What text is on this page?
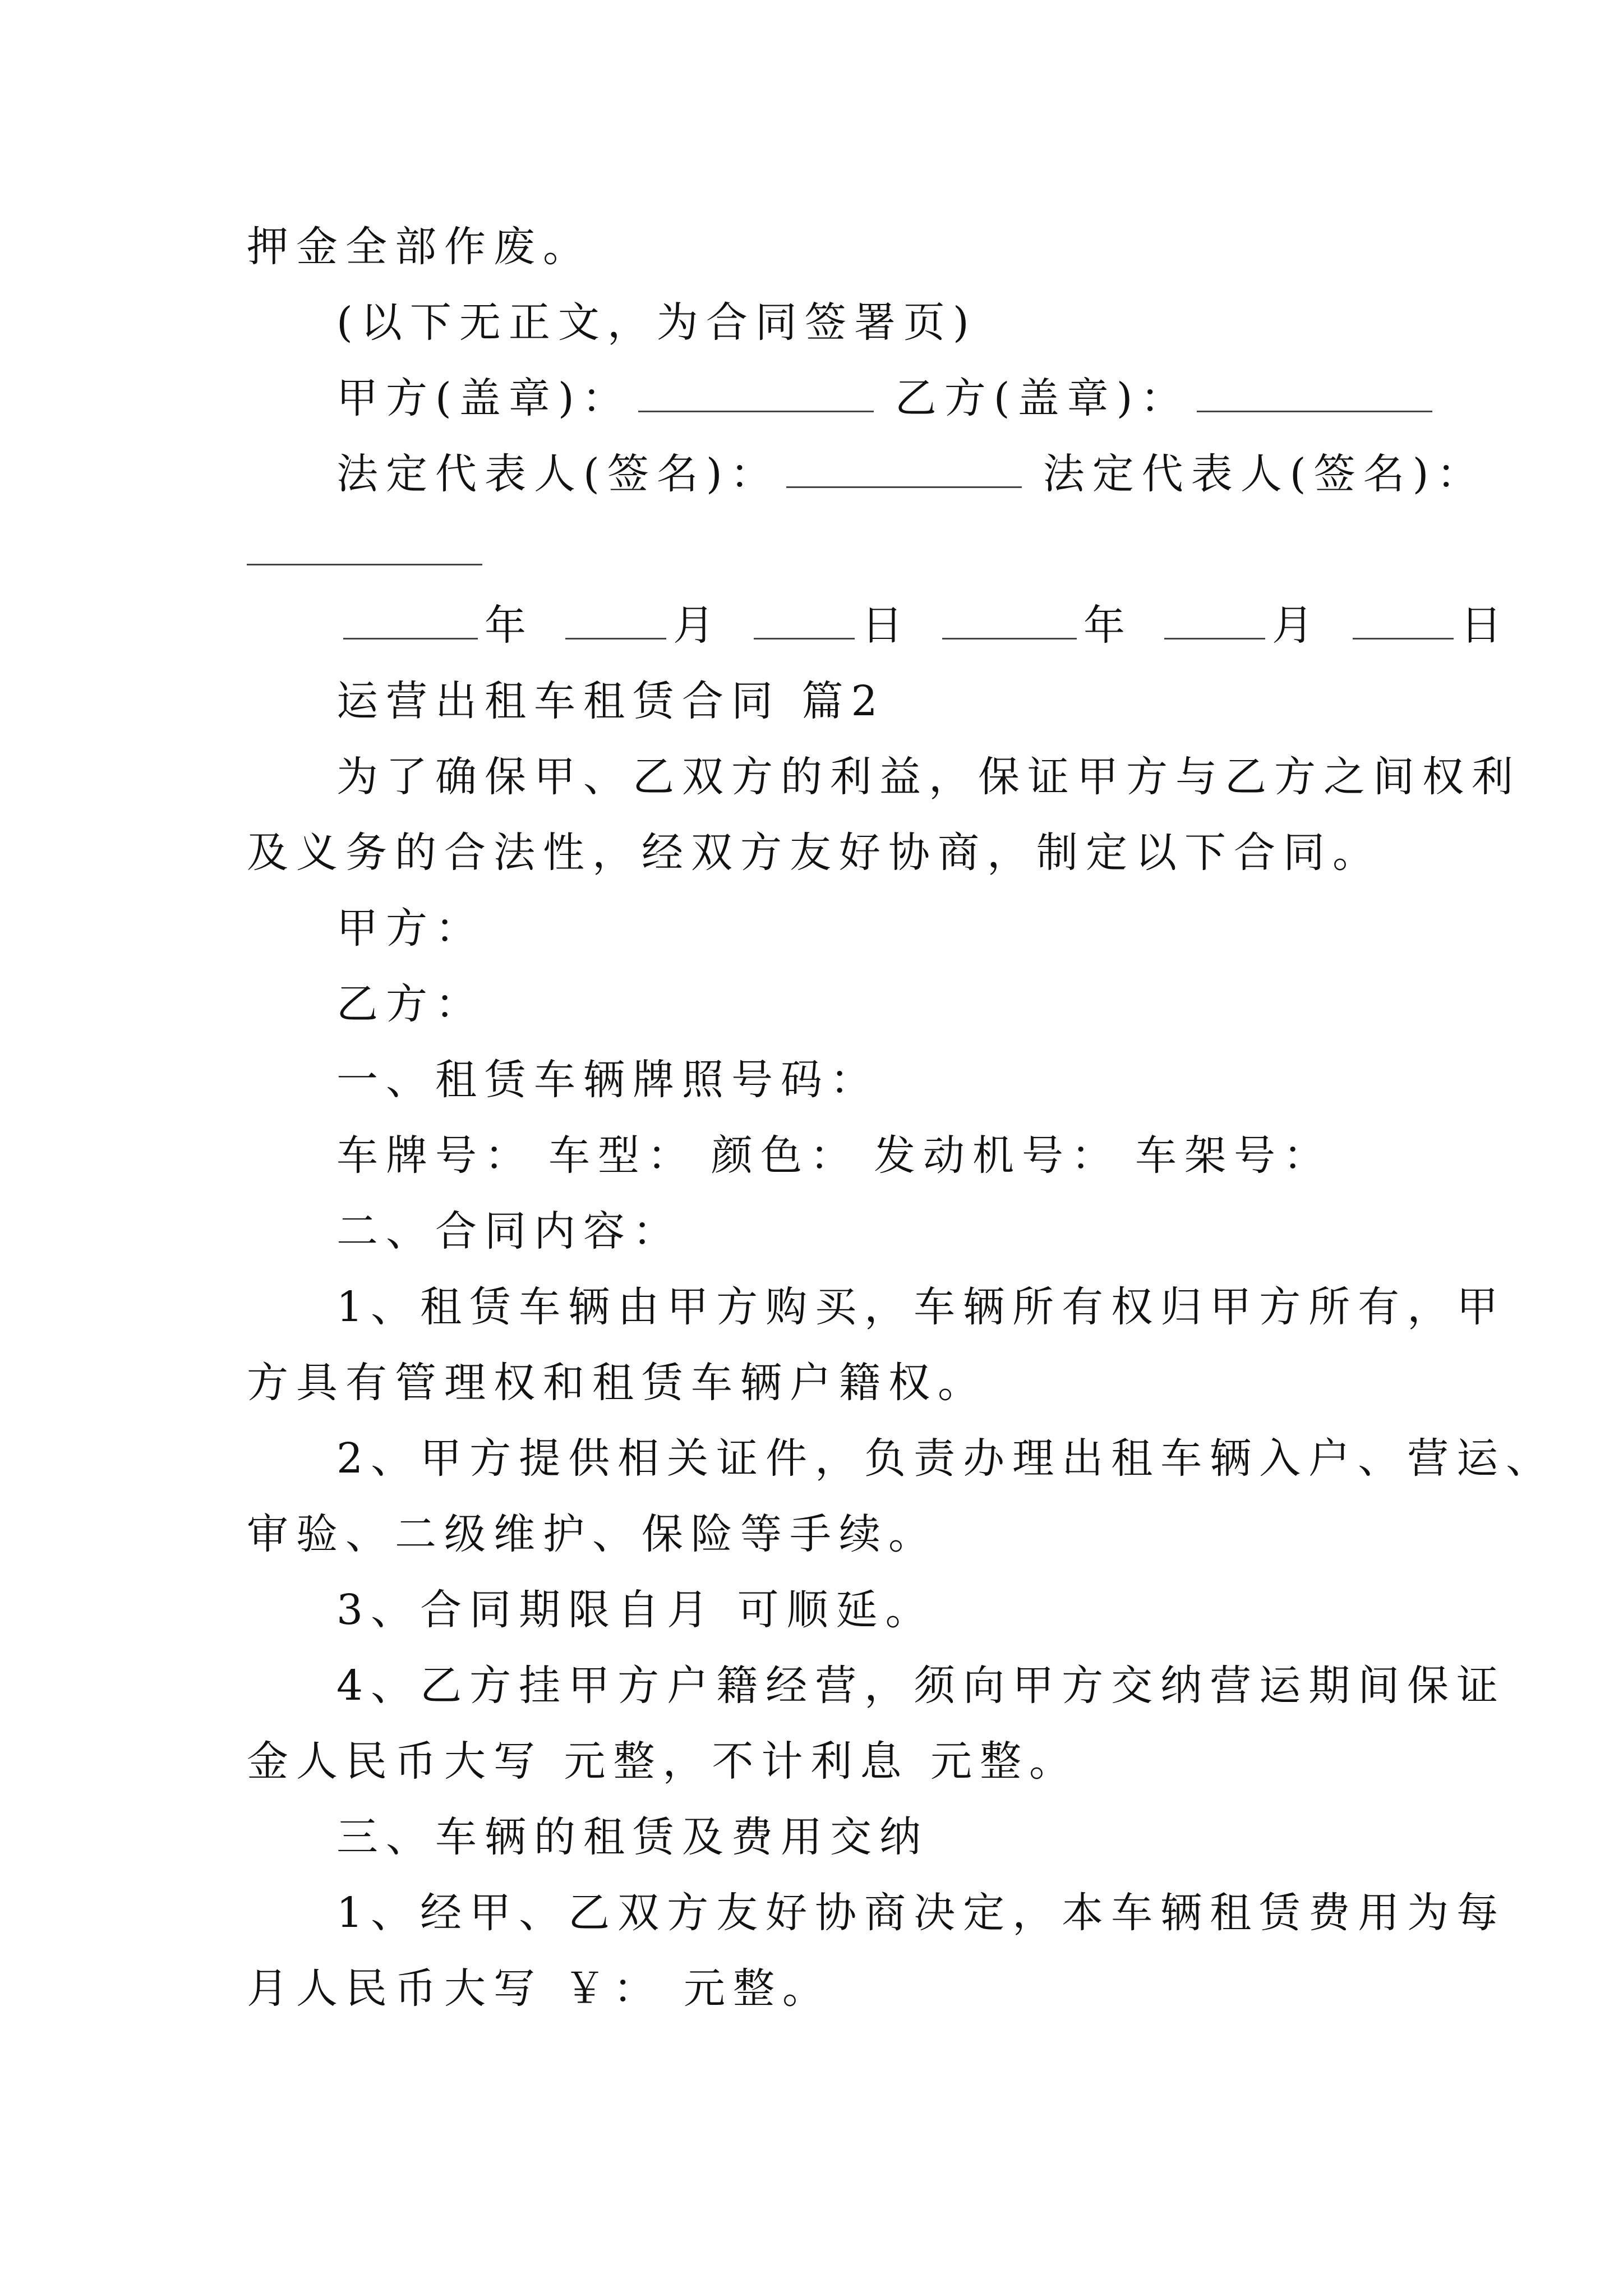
押金全部作废。
(以下无正文，为合同签署页)
甲方(盖章)：	乙方(盖章)：
法定代表人(签名)：	法定代表人(签名)：
年	月	日	年	月	日
运营出租车租赁合同 篇2
为了确保甲、乙双方的利益，保证甲方与乙方之间权利
及义务的合法性，经双方友好协商，制定以下合同。
甲方：
乙方：
一、租赁车辆牌照号码：
车牌号： 车型： 颜色： 发动机号： 车架号：
二、合同内容：
1、租赁车辆由甲方购买，车辆所有权归甲方所有，甲
方具有管理权和租赁车辆户籍权。
2、甲方提供相关证件，负责办理出租车辆入户、营运、
审验、二级维护、保险等手续。
3、合同期限自月 可顺延。
4、乙方挂甲方户籍经营，须向甲方交纳营运期间保证
金人民币大写 元整，不计利息 元整。
三、车辆的租赁及费用交纳
1、经甲、乙双方友好协商决定，本车辆租赁费用为每
月人民币大写 ￥： 元整。
